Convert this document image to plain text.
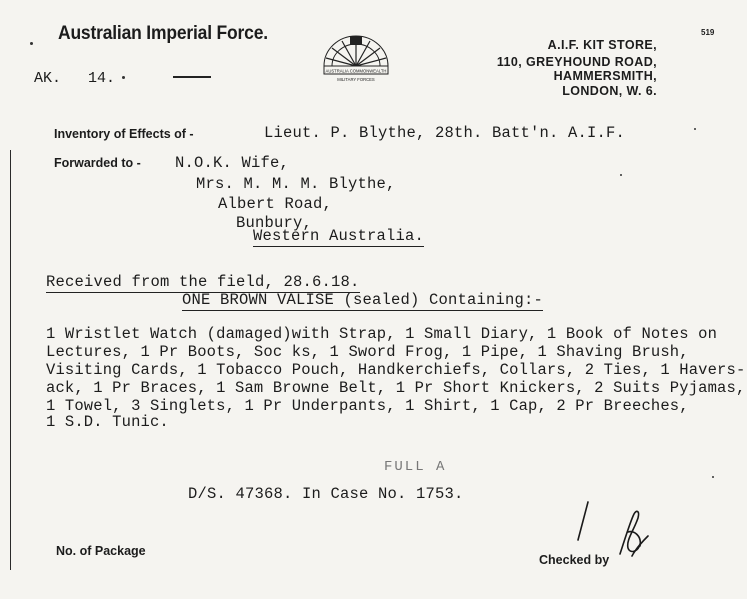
Australian Imperial Force.	519
AUSTRALIA COMMONWEALTH
MILITARY FORCES
A.I.F. KIT STORE,
110, GREYHOUND ROAD,
HAMMERSMITH,
LONDON, W. 6.
AK. 14.
Inventory of Effects of -	Lieut. P. Blythe, 28th. Batt'n. A.I.F.
Forwarded to - N.O.K. Wife,
Mrs. M. M. M. Blythe,
Albert Road,
Bunbury,
Western Australia.
Received from the field, 28.6.18.
ONE BROWN VALISE (sealed) Containing:-
1 Wristlet Watch (damaged)with Strap, 1 Small Diary, 1 Book of Notes on
Lectures, 1 Pr Boots, Soc ks, 1 Sword Frog, 1 Pipe, 1 Shaving Brush,
Visiting Cards, 1 Tobacco Pouch, Handkerchiefs, Collars, 2 Ties, 1 Havers-
ack, 1 Pr Braces, 1 Sam Browne Belt, 1 Pr Short Knickers, 2 Suits Pyjamas,
1 Towel, 3 Singlets, 1 Pr Underpants, 1 Shirt, 1 Cap, 2 Pr Breeches,
1 S.D. Tunic.
FULL A
D/S. 47368. In Case No. 1753.
No. of Package
Checked by
